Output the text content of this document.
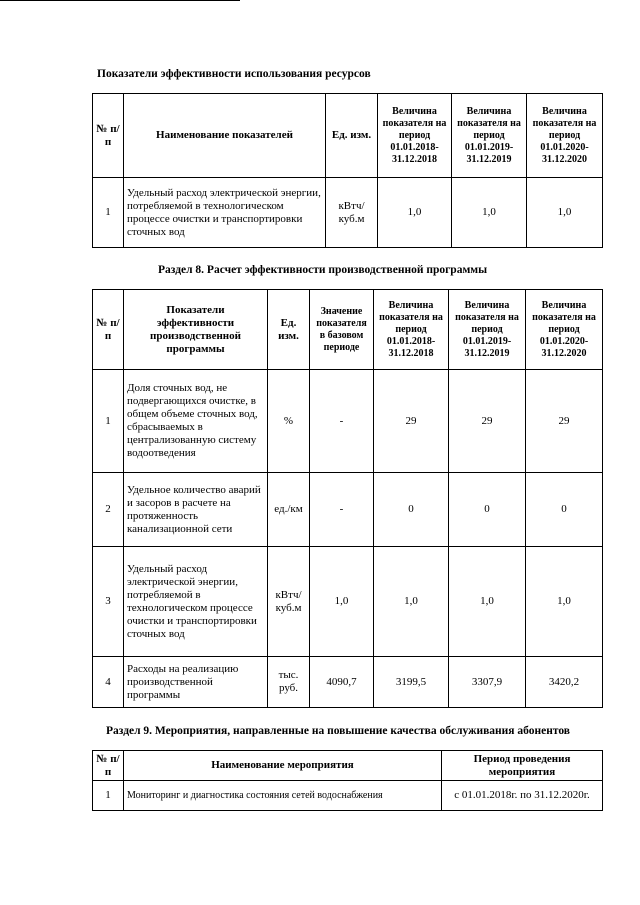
Показатели эффективности использования ресурсов
№ п/п	Наименование показателей	Ед. изм.	Величина показателя на период 01.01.2018-31.12.2018	Величина показателя на период 01.01.2019-31.12.2019	Величина показателя на период 01.01.2020-31.12.2020
1	Удельный расход электрической энергии, потребляемой в технологическом процессе очистки и транспортировки сточных вод	кВтч/ куб.м	1,0	1,0	1,0
Раздел 8. Расчет эффективности производственной программы
№ п/п	Показатели эффективности производственной программы	Ед. изм.	Значение показателя в базовом периоде	Величина показателя на период 01.01.2018-31.12.2018	Величина показателя на период 01.01.2019-31.12.2019	Величина показателя на период 01.01.2020-31.12.2020
1	Доля сточных вод, не подвергающихся очистке, в общем объеме сточных вод, сбрасываемых в централизованную систему водоотведения	%	-	29	29	29
2	Удельное количество аварий и засоров в расчете на протяженность канализационной сети	ед./км	-	0	0	0
3	Удельный расход электрической энергии, потребляемой в технологическом процессе очистки и транспортировки сточных вод	кВтч/ куб.м	1,0	1,0	1,0	1,0
4	Расходы на реализацию производственной программы	тыс. руб.	4090,7	3199,5	3307,9	3420,2
Раздел 9. Мероприятия, направленные на повышение качества обслуживания абонентов
№ п/п	Наименование мероприятия	Период проведения мероприятия
1	Мониторинг и диагностика состояния сетей водоснабжения	с 01.01.2018г. по 31.12.2020г.
